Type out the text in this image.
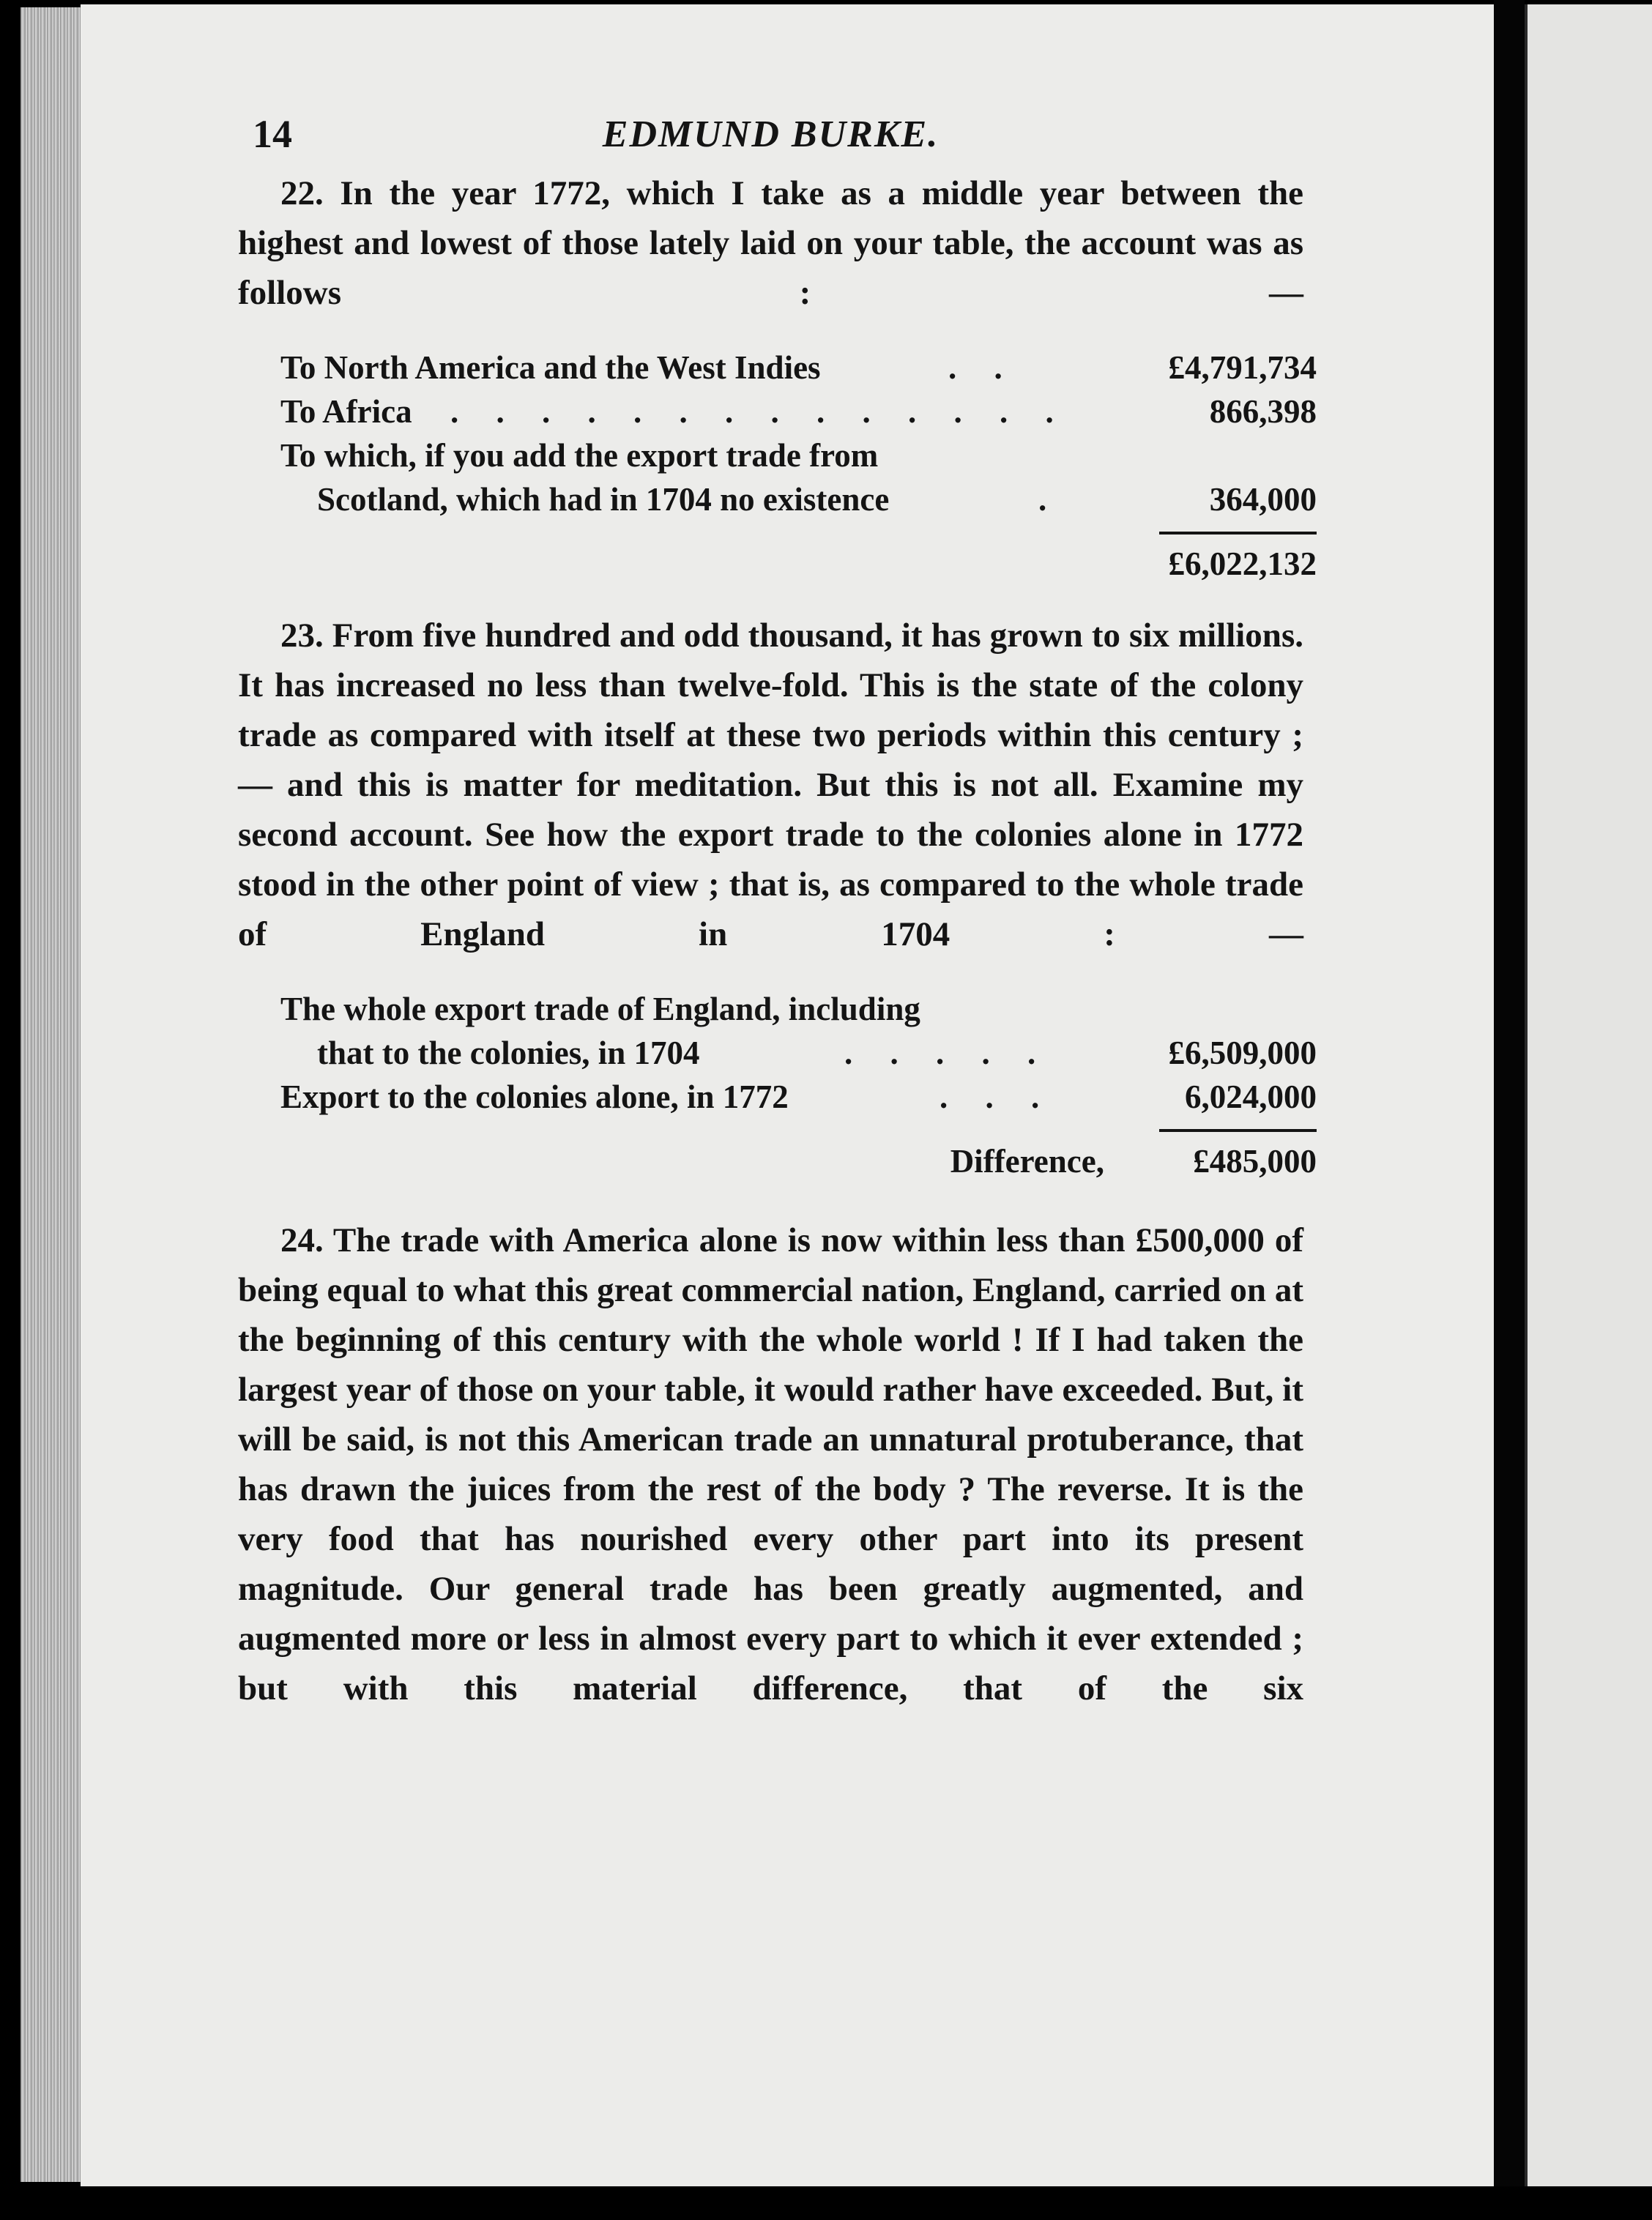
14	EDMUND BURKE.

22. In the year 1772, which I take as a middle year between the highest and lowest of those lately laid on your table, the account was as follows : —

To North America and the West Indies	. .	£4,791,734
To Africa . . . . . . . . . . . . . .	866,398
To which, if you add the export trade from
Scotland, which had in 1704 no existence	.	364,000
£6,022,132

23. From five hundred and odd thousand, it has grown to six millions. It has increased no less than twelve-fold. This is the state of the colony trade as compared with itself at these two periods within this century ; — and this is matter for meditation. But this is not all. Examine my second account. See how the export trade to the colonies alone in 1772 stood in the other point of view ; that is, as compared to the whole trade of England in 1704 : —

The whole export trade of England, including
that to the colonies, in 1704	. . . . .	£6,509,000
Export to the colonies alone, in 1772	. . .	6,024,000
Difference,	£485,000

24. The trade with America alone is now within less than £500,000 of being equal to what this great commercial nation, England, carried on at the beginning of this century with the whole world ! If I had taken the largest year of those on your table, it would rather have exceeded. But, it will be said, is not this American trade an unnatural protuberance, that has drawn the juices from the rest of the body ? The reverse. It is the very food that has nourished every other part into its present magnitude. Our general trade has been greatly augmented, and augmented more or less in almost every part to which it ever extended ; but with this material difference, that of the six
